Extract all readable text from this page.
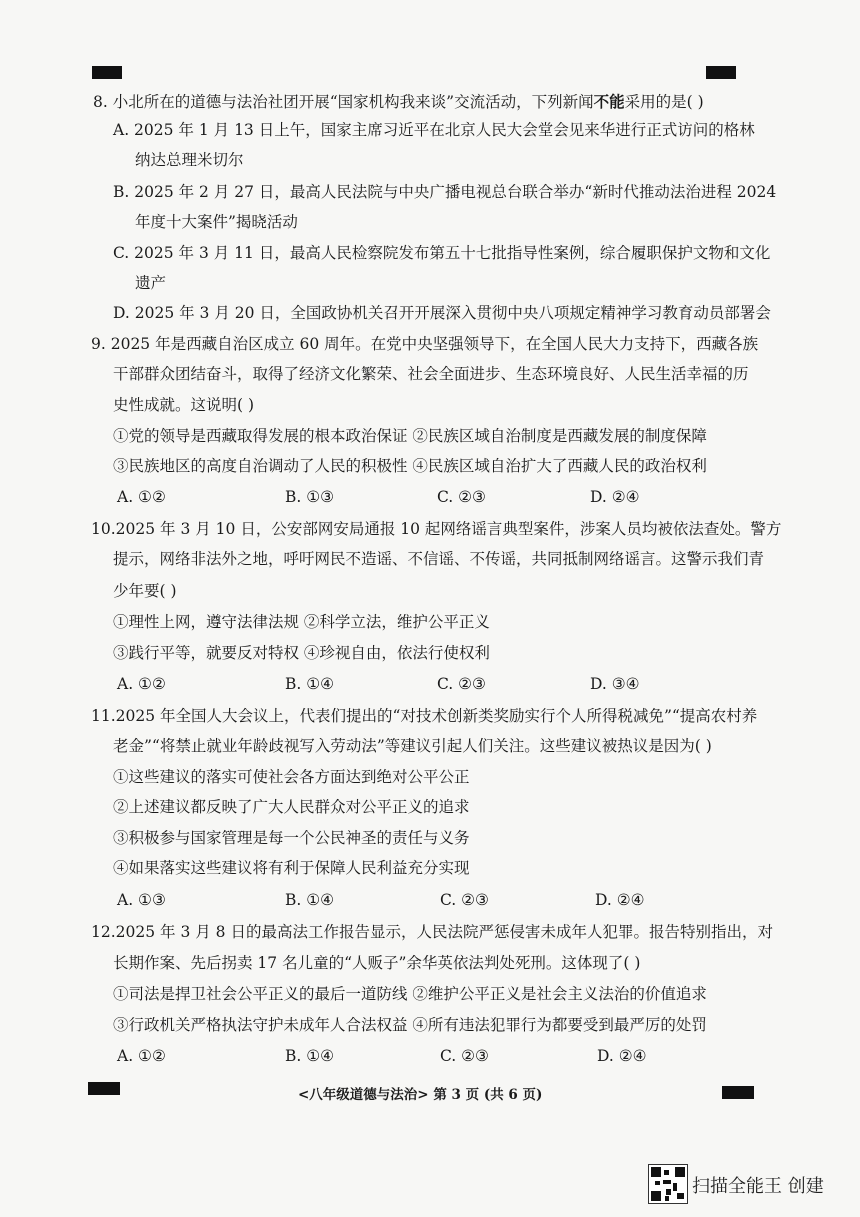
8. 小北所在的道德与法治社团开展“国家机构我来谈”交流活动，下列新闻不能采用的是( )
A. 2025 年 1 月 13 日上午，国家主席习近平在北京人民大会堂会见来华进行正式访问的格林
纳达总理米切尔
B. 2025 年 2 月 27 日，最高人民法院与中央广播电视总台联合举办“新时代推动法治进程 2024
年度十大案件”揭晓活动
C. 2025 年 3 月 11 日，最高人民检察院发布第五十七批指导性案例，综合履职保护文物和文化
遗产
D. 2025 年 3 月 20 日，全国政协机关召开开展深入贯彻中央八项规定精神学习教育动员部署会
9. 2025 年是西藏自治区成立 60 周年。在党中央坚强领导下，在全国人民大力支持下，西藏各族
干部群众团结奋斗，取得了经济文化繁荣、社会全面进步、生态环境良好、人民生活幸福的历
史性成就。这说明( )
①党的领导是西藏取得发展的根本政治保证 ②民族区域自治制度是西藏发展的制度保障
③民族地区的高度自治调动了人民的积极性 ④民族区域自治扩大了西藏人民的政治权利
A. ①②	B. ①③	C. ②③	D. ②④
10.2025 年 3 月 10 日，公安部网安局通报 10 起网络谣言典型案件，涉案人员均被依法查处。警方
提示，网络非法外之地，呼吁网民不造谣、不信谣、不传谣，共同抵制网络谣言。这警示我们青
少年要( )
①理性上网，遵守法律法规 ②科学立法，维护公平正义
③践行平等，就要反对特权 ④珍视自由，依法行使权利
A. ①②	B. ①④	C. ②③	D. ③④
11.2025 年全国人大会议上，代表们提出的“对技术创新类奖励实行个人所得税减免”“提高农村养
老金”“将禁止就业年龄歧视写入劳动法”等建议引起人们关注。这些建议被热议是因为( )
①这些建议的落实可使社会各方面达到绝对公平公正
②上述建议都反映了广大人民群众对公平正义的追求
③积极参与国家管理是每一个公民神圣的责任与义务
④如果落实这些建议将有利于保障人民利益充分实现
A. ①③	B. ①④	C. ②③	D. ②④
12.2025 年 3 月 8 日的最高法工作报告显示，人民法院严惩侵害未成年人犯罪。报告特别指出，对
长期作案、先后拐卖 17 名儿童的“人贩子”余华英依法判处死刑。这体现了( )
①司法是捍卫社会公平正义的最后一道防线 ②维护公平正义是社会主义法治的价值追求
③行政机关严格执法守护未成年人合法权益 ④所有违法犯罪行为都要受到最严厉的处罚
A. ①②	B. ①④	C. ②③	D. ②④
<八年级道德与法治> 第 3 页 (共 6 页)
扫描全能王 创建
